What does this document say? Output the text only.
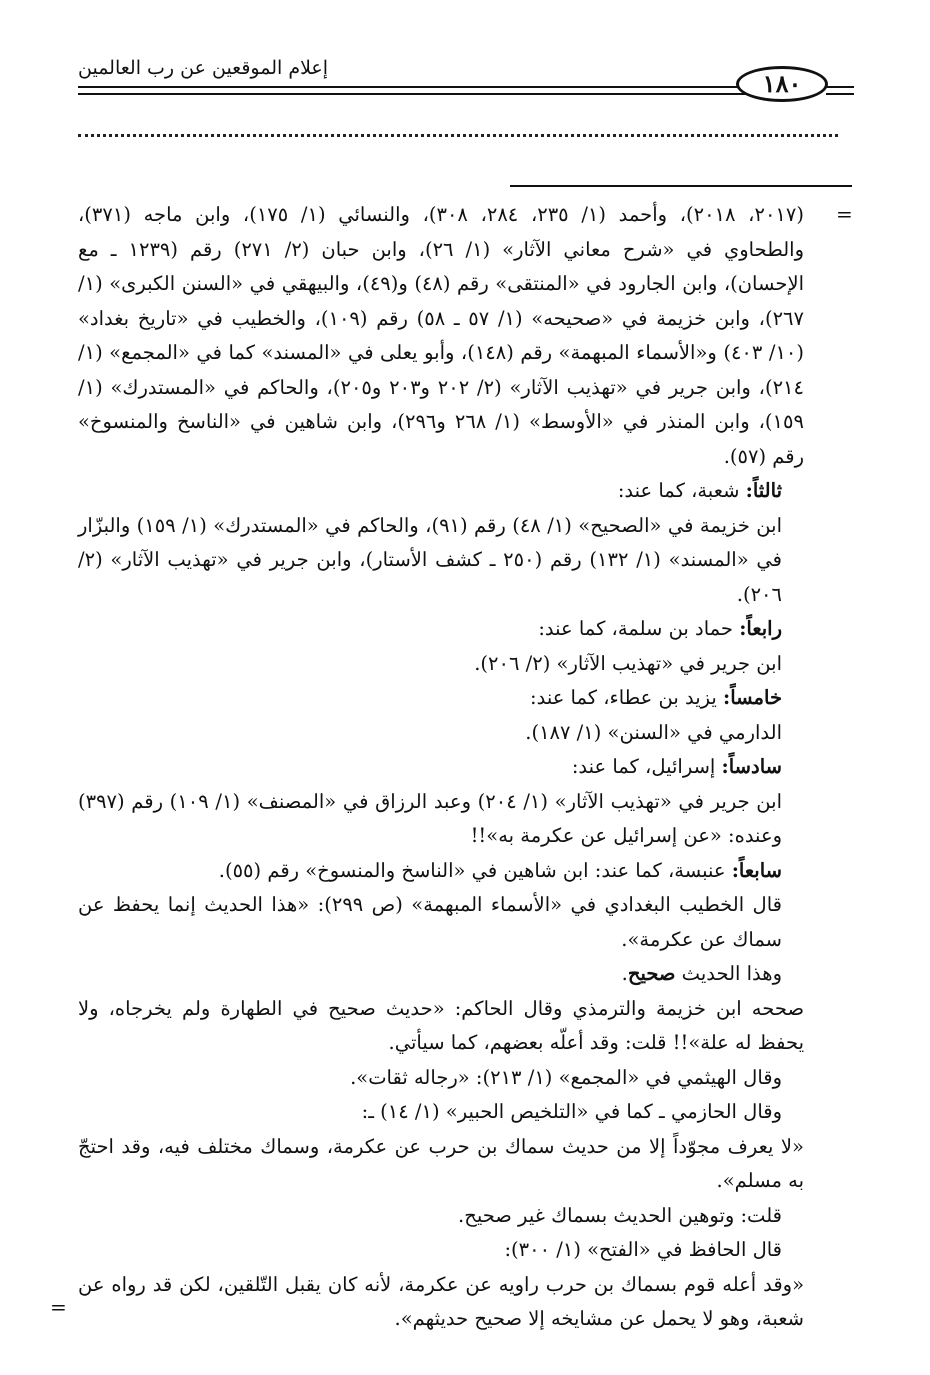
إعلام الموقعين عن رب العالمين
١٨٠
=
=

(٢٠١٧، ٢٠١٨)، وأحمد (١/ ٢٣٥، ٢٨٤، ٣٠٨)، والنسائي (١/ ١٧٥)، وابن ماجه (٣٧١)، والطحاوي في «شرح معاني الآثار» (١/ ٢٦)، وابن حبان (٢/ ٢٧١) رقم (١٢٣٩ ـ مع الإحسان)، وابن الجارود في «المنتقى» رقم (٤٨) و(٤٩)، والبيهقي في «السنن الكبرى» (١/ ٢٦٧)، وابن خزيمة في «صحيحه» (١/ ٥٧ ـ ٥٨) رقم (١٠٩)، والخطيب في «تاريخ بغداد» (١٠/ ٤٠٣) و«الأسماء المبهمة» رقم (١٤٨)، وأبو يعلى في «المسند» كما في «المجمع» (١/ ٢١٤)، وابن جرير في «تهذيب الآثار» (٢/ ٢٠٢ و٢٠٣ و٢٠٥)، والحاكم في «المستدرك» (١/ ١٥٩)، وابن المنذر في «الأوسط» (١/ ٢٦٨ و٢٩٦)، وابن شاهين في «الناسخ والمنسوخ» رقم (٥٧).

ثالثاً: شعبة، كما عند:

ابن خزيمة في «الصحيح» (١/ ٤٨) رقم (٩١)، والحاكم في «المستدرك» (١/ ١٥٩) والبزّار في «المسند» (١/ ١٣٢) رقم (٢٥٠ ـ كشف الأستار)، وابن جرير في «تهذيب الآثار» (٢/ ٢٠٦).

رابعاً: حماد بن سلمة، كما عند:

ابن جرير في «تهذيب الآثار» (٢/ ٢٠٦).

خامساً: يزيد بن عطاء، كما عند:

الدارمي في «السنن» (١/ ١٨٧).

سادساً: إسرائيل، كما عند:

ابن جرير في «تهذيب الآثار» (١/ ٢٠٤) وعبد الرزاق في «المصنف» (١/ ١٠٩) رقم (٣٩٧) وعنده: «عن إسرائيل عن عكرمة به»!!

سابعاً: عنبسة، كما عند: ابن شاهين في «الناسخ والمنسوخ» رقم (٥٥).

قال الخطيب البغدادي في «الأسماء المبهمة» (ص ٢٩٩): «هذا الحديث إنما يحفظ عن سماك عن عكرمة».

وهذا الحديث صحيح.

صححه ابن خزيمة والترمذي وقال الحاكم: «حديث صحيح في الطهارة ولم يخرجاه، ولا يحفظ له علة»!! قلت: وقد أعلّه بعضهم، كما سيأتي.

وقال الهيثمي في «المجمع» (١/ ٢١٣): «رجاله ثقات».

وقال الحازمي ـ كما في «التلخيص الحبير» (١/ ١٤) ـ:

«لا يعرف مجوّداً إلا من حديث سماك بن حرب عن عكرمة، وسماك مختلف فيه، وقد احتجّ به مسلم».

قلت: وتوهين الحديث بسماك غير صحيح.

قال الحافظ في «الفتح» (١/ ٣٠٠):

«وقد أعله قوم بسماك بن حرب راويه عن عكرمة، لأنه كان يقبل التّلقين، لكن قد رواه عن شعبة، وهو لا يحمل عن مشايخه إلا صحيح حديثهم».
